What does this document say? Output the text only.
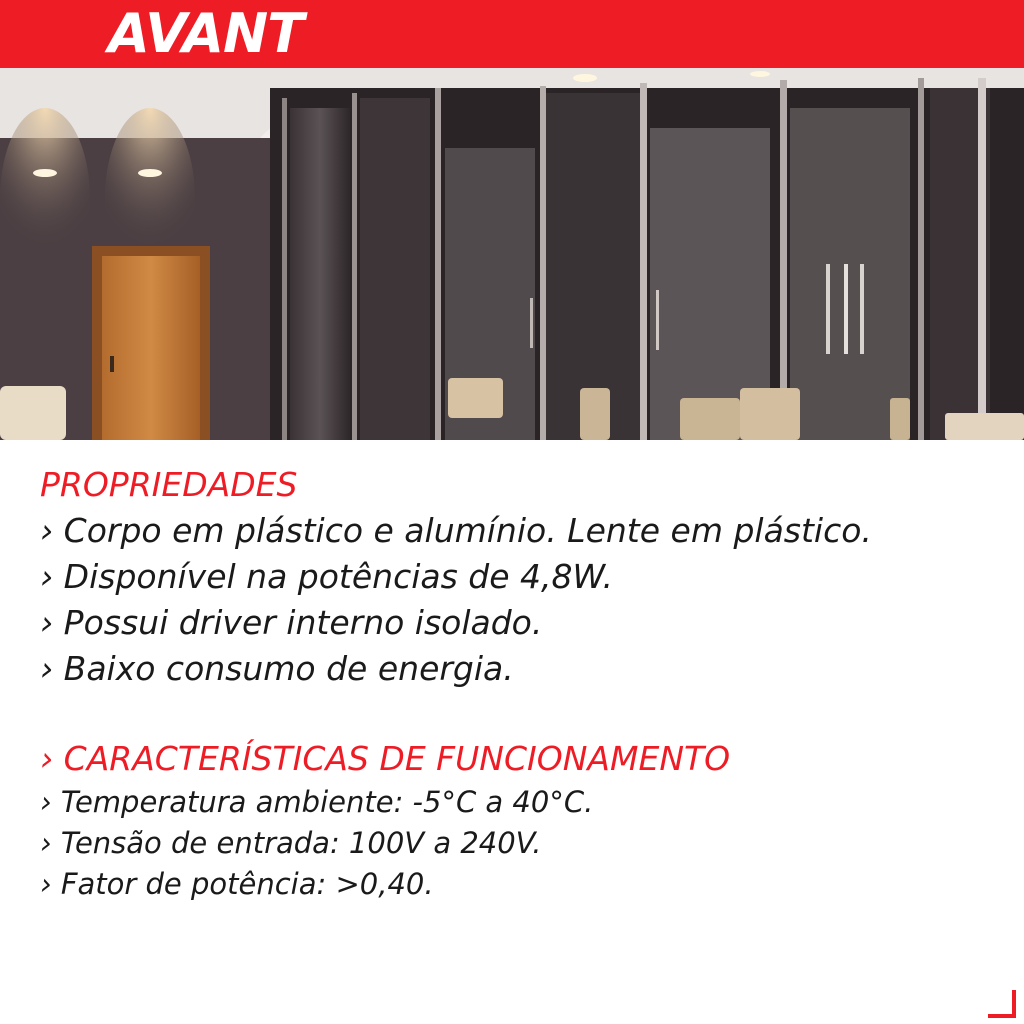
AVANT

PROPRIEDADES

› Corpo em plástico e alumínio. Lente em plástico.

› Disponível na potências de 4,8W.

› Possui driver interno isolado.

› Baixo consumo de energia.

› CARACTERÍSTICAS DE FUNCIONAMENTO

› Temperatura ambiente: -5°C a 40°C.

› Tensão de entrada: 100V a 240V.

› Fator de potência: >0,40.
